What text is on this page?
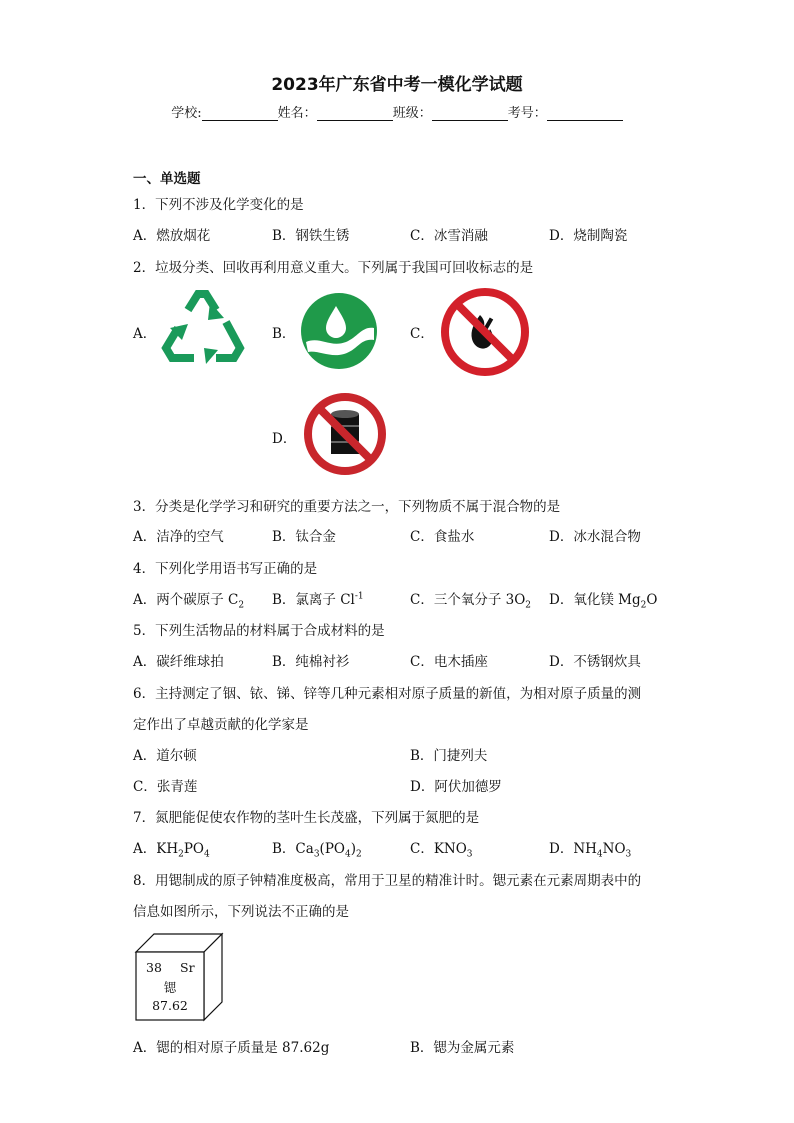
2023年广东省中考一模化学试题
学校:	姓名：	班级：	考号：
一、单选题
1．下列不涉及化学变化的是
A．燃放烟花	B．钢铁生锈	C．冰雪消融	D．烧制陶瓷
2．垃圾分类、回收再利用意义重大。下列属于我国可回收标志的是
A．	B．	C．
D．
3．分类是化学学习和研究的重要方法之一，下列物质不属于混合物的是
A．洁净的空气	B．钛合金	C．食盐水	D．冰水混合物
4．下列化学用语书写正确的是
A．两个碳原子 $C_2$ B．氯离子 $Cl^{-1}$	C．三个氧分子 $3O_2$ D．氧化镁 $Mg_2O$
5．下列生活物品的材料属于合成材料的是
A．碳纤维球拍	B．纯棉衬衫	C．电木插座	D．不锈钢炊具
6．主持测定了铟、铱、锑、锌等几种元素相对原子质量的新值，为相对原子质量的测
定作出了卓越贡献的化学家是
A．道尔顿	B．门捷列夫
C．张青莲	D．阿伏加德罗
7．氮肥能促使农作物的茎叶生长茂盛，下列属于氮肥的是
A．$KH_2PO_4$	B．$Ca_3(PO_4)_2$	C．$KNO_3$	D．$NH_4NO_3$
8．用锶制成的原子钟精准度极高，常用于卫星的精准计时。锶元素在元素周期表中的
信息如图所示，下列说法不正确的是
38 Sr
锶
87.62
A．锶的相对原子质量是 87.62g	B．锶为金属元素
